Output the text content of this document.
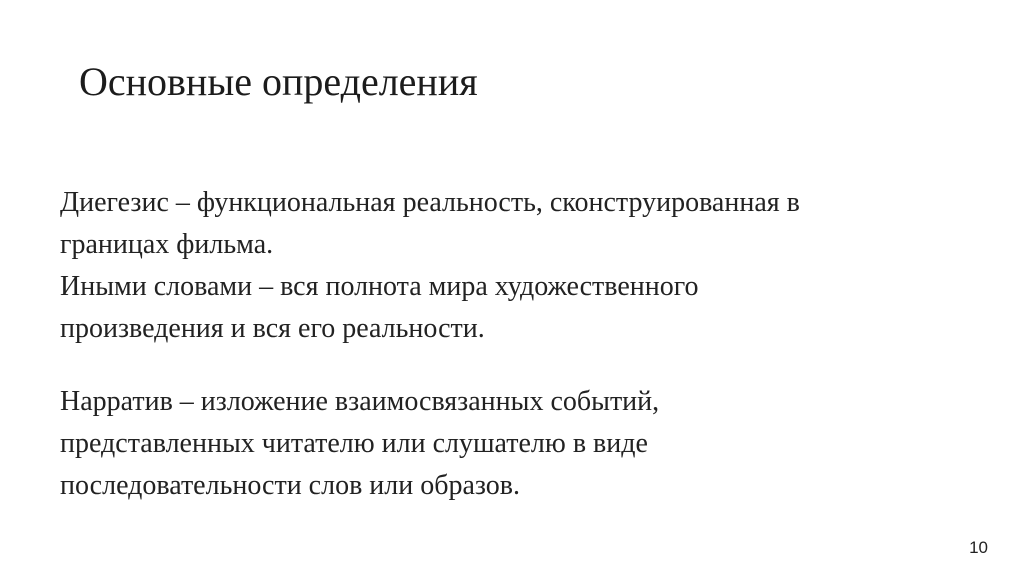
Основные определения

Диегезис – функциональная реальность, сконструированная в
границах фильма.
Иными словами – вся полнота мира художественного
произведения и вся его реальности.

Нарратив – изложение взаимосвязанных событий,
представленных читателю или слушателю в виде
последовательности слов или образов.

10
